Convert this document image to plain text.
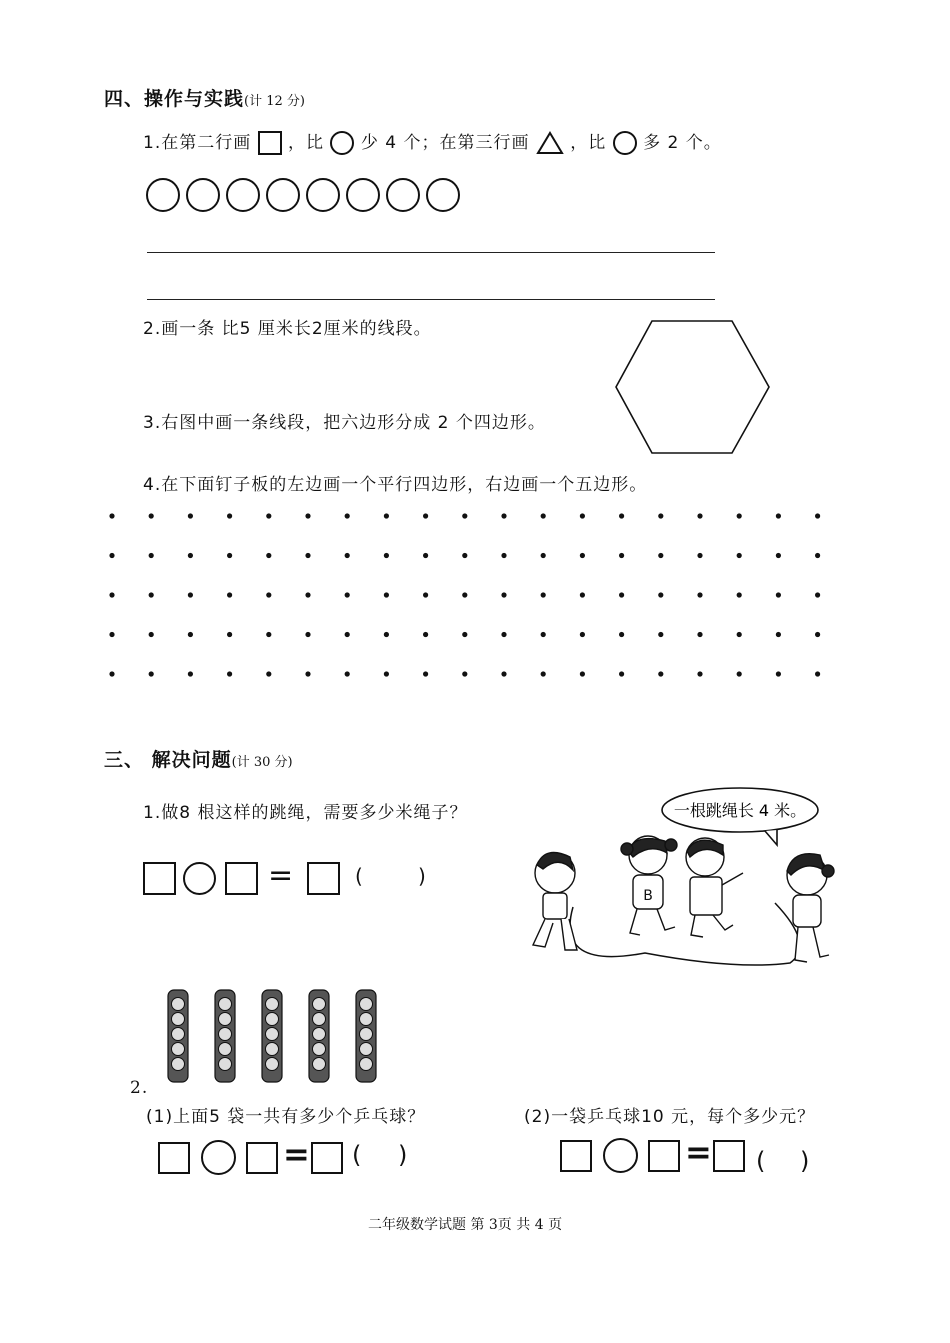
四、操作与实践(计 12 分)
1.在第二行画 ，比 少 4 个；在第三行画 ，比 多 2 个。
2.画一条 比5 厘米长2厘米的线段。
3.右图中画一条线段，把六边形分成 2 个四边形。
4.在下面钉子板的左边画一个平行四边形，右边画一个五边形。
三、 解决问题(计 30 分)
1.做8 根这样的跳绳，需要多少米绳子？
=	(	)
一根跳绳长 4 米。
B
2.
(1)上面5 袋一共有多少个乒乓球？	(2)一袋乒乓球10 元，每个多少元？
= ( )	= ( )
二年级数学试题 第 3页 共 4 页
